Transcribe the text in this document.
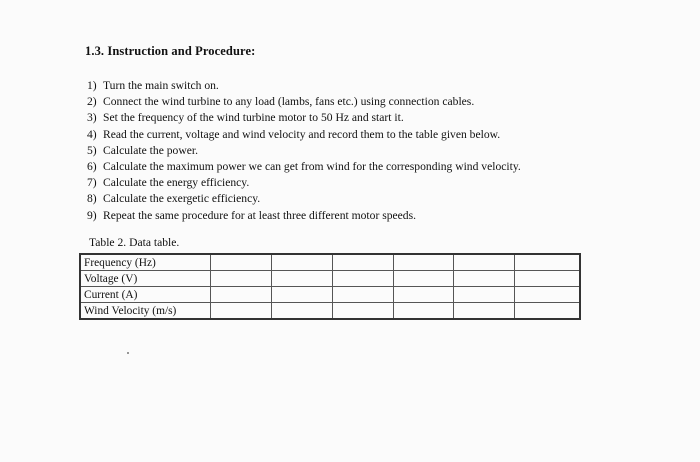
1.3. Instruction and Procedure:
1) Turn the main switch on.
2) Connect the wind turbine to any load (lambs, fans etc.) using connection cables.
3) Set the frequency of the wind turbine motor to 50 Hz and start it.
4) Read the current, voltage and wind velocity and record them to the table given below.
5) Calculate the power.
6) Calculate the maximum power we can get from wind for the corresponding wind velocity.
7) Calculate the energy efficiency.
8) Calculate the exergetic efficiency.
9) Repeat the same procedure for at least three different motor speeds.
Table 2. Data table.
Frequency (Hz)						
Voltage (V)						
Current (A)						
Wind Velocity (m/s)						
